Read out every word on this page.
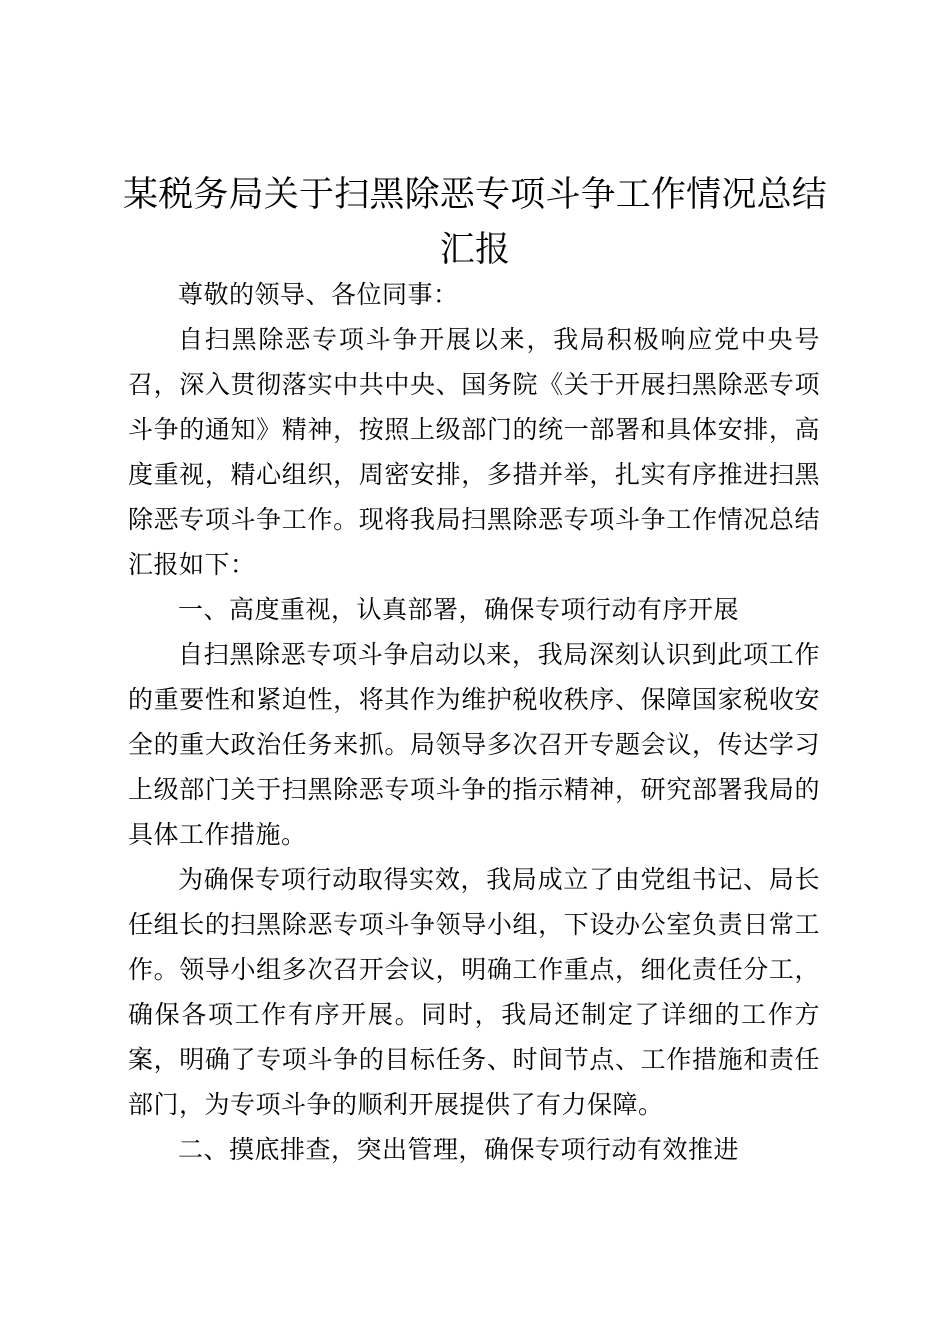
某税务局关于扫黑除恶专项斗争工作情况总结汇报

尊敬的领导、各位同事：

自扫黑除恶专项斗争开展以来，我局积极响应党中央号召，深入贯彻落实中共中央、国务院《关于开展扫黑除恶专项斗争的通知》精神，按照上级部门的统一部署和具体安排，高度重视，精心组织，周密安排，多措并举，扎实有序推进扫黑除恶专项斗争工作。现将我局扫黑除恶专项斗争工作情况总结汇报如下：

一、高度重视，认真部署，确保专项行动有序开展

自扫黑除恶专项斗争启动以来，我局深刻认识到此项工作的重要性和紧迫性，将其作为维护税收秩序、保障国家税收安全的重大政治任务来抓。局领导多次召开专题会议，传达学习上级部门关于扫黑除恶专项斗争的指示精神，研究部署我局的具体工作措施。

为确保专项行动取得实效，我局成立了由党组书记、局长任组长的扫黑除恶专项斗争领导小组，下设办公室负责日常工作。领导小组多次召开会议，明确工作重点，细化责任分工，确保各项工作有序开展。同时，我局还制定了详细的工作方案，明确了专项斗争的目标任务、时间节点、工作措施和责任部门，为专项斗争的顺利开展提供了有力保障。

二、摸底排查，突出管理，确保专项行动有效推进
